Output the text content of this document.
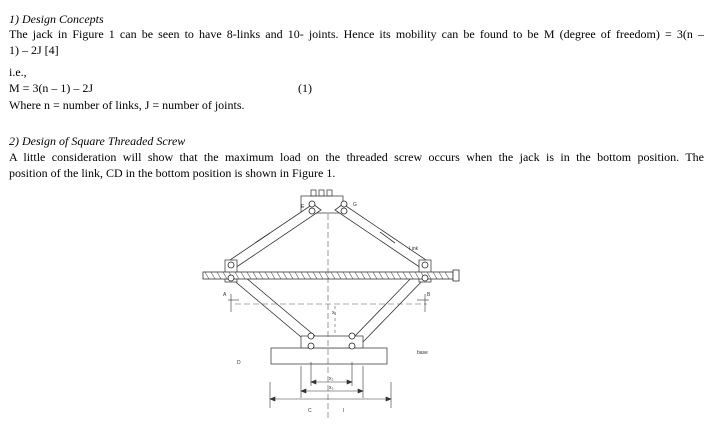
1) Design Concepts
The jack in Figure 1 can be seen to have 8-links and 10- joints. Hence its mobility can be found to be M (degree of freedom) = 3(n –
1) – 2J [4]
i.e.,
M = 3(n – 1) – 2J	(1)
Where n = number of links, J = number of joints.
2) Design of Square Threaded Screw
A little consideration will show that the maximum load on the threaded screw occurs when the jack is in the bottom position. The
position of the link, CD in the bottom position is shown in Figure 1.
E	G
Link
A	B
x₁
base
D
x₂
x₃
C	I
